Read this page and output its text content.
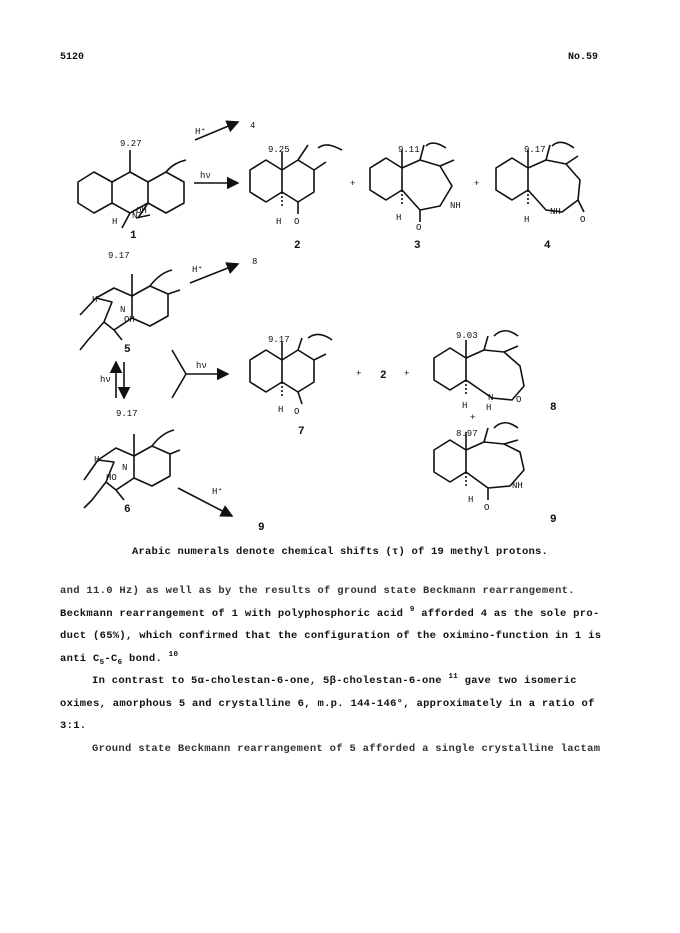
5120	No.59
H⁺
4
hν
9.27
N
OH
H
1
9.25
O
H
2
+
9.11
NH
O
H
3
+
9.17
NH
O
H
4
9.17
H⁺
8
H
N
OH
5
hν
hν
9.17
O
H
7
+ 2 +
9.03
N	O
H H	8
+
9.17
H
N
HO
6
H⁺
9
8.97
NH
O
H
9
Arabic numerals denote chemical shifts (τ) of 19 methyl protons.

and 11.0 Hz) as well as by the results of ground state Beckmann rearrangement.

Beckmann rearrangement of 1 with polyphosphoric acid $^9$ afforded 4 as the sole pro-

duct (65%), which confirmed that the configuration of the oximino-function in 1 is

anti $C_5-C_6$ bond. $^{10}$

In contrast to 5α-cholestan-6-one, 5β-cholestan-6-one $^{11}$ gave two isomeric

oximes, amorphous 5 and crystalline 6, m.p. 144-146°, approximately in a ratio of

3:1.

Ground state Beckmann rearrangement of 5 afforded a single crystalline lactam
